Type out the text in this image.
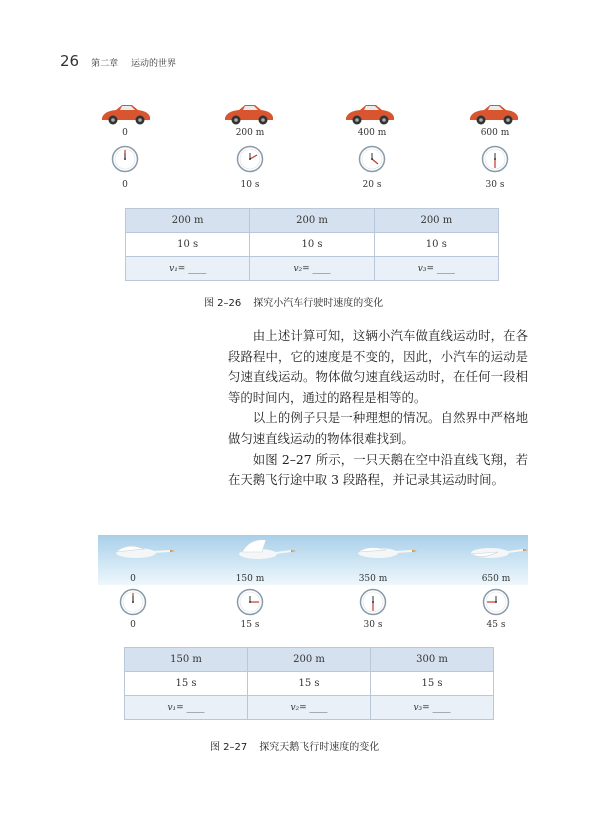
26 第二章 运动的世界
0	200 m	400 m	600 m
0	10 s	20 s	30 s
200 m	200 m	200 m
10 s	10 s	10 s
v₁= ____	v₂= ____	v₃= ____
图 2–26 探究小汽车行驶时速度的变化

由上述计算可知，这辆小汽车做直线运动时，在各段路程中，它的速度是不变的，因此，小汽车的运动是匀速直线运动。物体做匀速直线运动时，在任何一段相等的时间内，通过的路程是相等的。

以上的例子只是一种理想的情况。自然界中严格地做匀速直线运动的物体很难找到。

如图 2–27 所示，一只天鹅在空中沿直线飞翔，若在天鹅飞行途中取 3 段路程，并记录其运动时间。

0	150 m	350 m	650 m
0	15 s	30 s	45 s
150 m	200 m	300 m
15 s	15 s	15 s
v₁= ____	v₂= ____	v₃= ____
图 2–27 探究天鹅飞行时速度的变化
